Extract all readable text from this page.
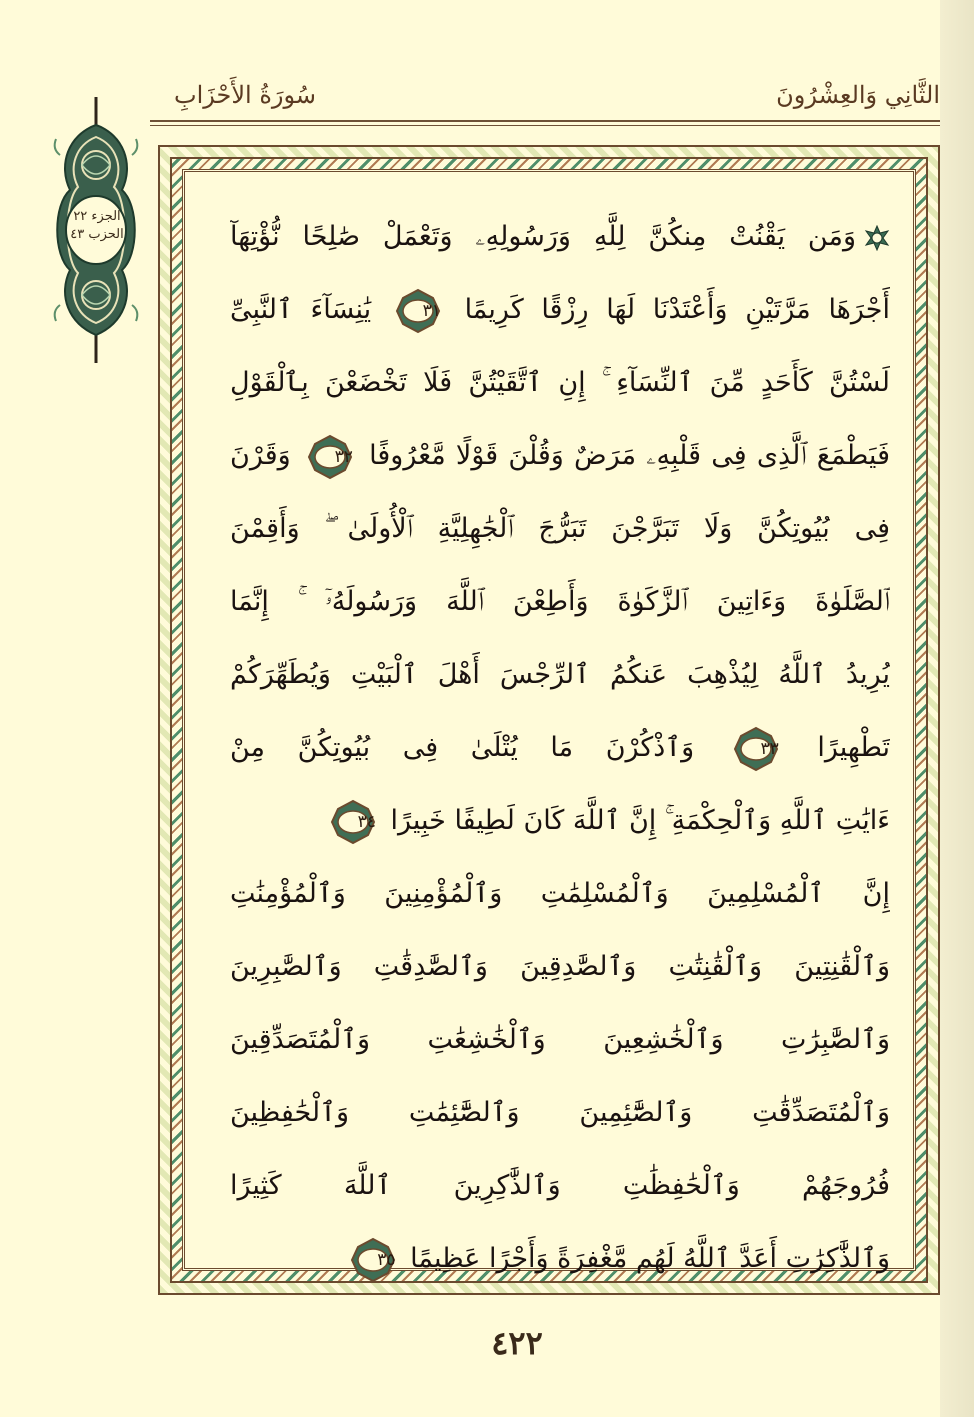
سُورَةُ الأَحْزَابِ	الثَّانِي وَالعِشْرُونَ
الجزء ٢٢
الحزب ٤٣	وَمَن يَقْنُتْ مِنكُنَّ لِلَّهِ وَرَسُولِهِۦ وَتَعْمَلْ صَٰلِحًا نُّؤْتِهَآ
أَجْرَهَا مَرَّتَيْنِ وَأَعْتَدْنَا لَهَا رِزْقًا كَرِيمًا
٣١
يَٰنِسَآءَ ٱلنَّبِىِّ
لَسْتُنَّ كَأَحَدٍ مِّنَ ٱلنِّسَآءِ ۚ إِنِ ٱتَّقَيْتُنَّ فَلَا تَخْضَعْنَ بِٱلْقَوْلِ
فَيَطْمَعَ ٱلَّذِى فِى قَلْبِهِۦ مَرَضٌ وَقُلْنَ قَوْلًا مَّعْرُوفًا
٣٢
وَقَرْنَ
فِى بُيُوتِكُنَّ وَلَا تَبَرَّجْنَ تَبَرُّجَ ٱلْجَٰهِلِيَّةِ ٱلْأُولَىٰ ۖ وَأَقِمْنَ
ٱلصَّلَوٰةَ وَءَاتِينَ ٱلزَّكَوٰةَ وَأَطِعْنَ ٱللَّهَ وَرَسُولَهُۥٓ ۚ إِنَّمَا
يُرِيدُ ٱللَّهُ لِيُذْهِبَ عَنكُمُ ٱلرِّجْسَ أَهْلَ ٱلْبَيْتِ وَيُطَهِّرَكُمْ
تَطْهِيرًا
٣٣
وَٱذْكُرْنَ مَا يُتْلَىٰ فِى بُيُوتِكُنَّ مِنْ
ءَايَٰتِ ٱللَّهِ وَٱلْحِكْمَةِ ۚ إِنَّ ٱللَّهَ كَانَ لَطِيفًا خَبِيرًا
٣٤
إِنَّ ٱلْمُسْلِمِينَ وَٱلْمُسْلِمَٰتِ وَٱلْمُؤْمِنِينَ وَٱلْمُؤْمِنَٰتِ
وَٱلْقَٰنِتِينَ وَٱلْقَٰنِتَٰتِ وَٱلصَّٰدِقِينَ وَٱلصَّٰدِقَٰتِ وَٱلصَّٰبِرِينَ
وَٱلصَّٰبِرَٰتِ وَٱلْخَٰشِعِينَ وَٱلْخَٰشِعَٰتِ وَٱلْمُتَصَدِّقِينَ
وَٱلْمُتَصَدِّقَٰتِ وَٱلصَّٰٓئِمِينَ وَٱلصَّٰٓئِمَٰتِ وَٱلْحَٰفِظِينَ
فُرُوجَهُمْ وَٱلْحَٰفِظَٰتِ وَٱلذَّٰكِرِينَ ٱللَّهَ كَثِيرًا
وَٱلذَّٰكِرَٰتِ أَعَدَّ ٱللَّهُ لَهُم مَّغْفِرَةً وَأَجْرًا عَظِيمًا
٣٥
٤٢٢
